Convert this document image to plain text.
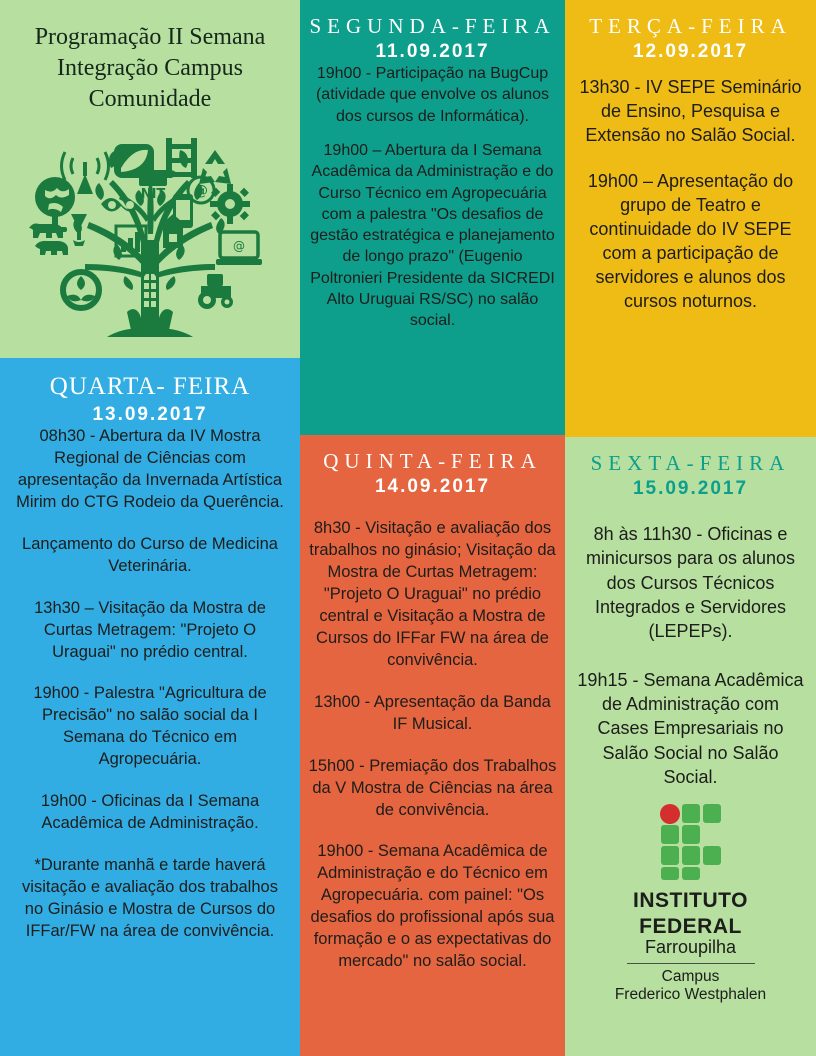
Programação II Semana
Integração Campus
Comunidade
NIT @
@
SEGUNDA-FEIRA
11.09.2017

19h00 - Participação na BugCup (atividade que envolve os alunos dos cursos de Informática).

19h00 – Abertura da I Semana Acadêmica da Administração e do Curso Técnico em Agropecuária com a palestra "Os desafios de gestão estratégica e planejamento de longo prazo" (Eugenio Poltronieri Presidente da SICREDI Alto Uruguai RS/SC) no salão social.

TERÇA-FEIRA
12.09.2017

13h30 - IV SEPE Seminário de Ensino, Pesquisa e Extensão no Salão Social.

19h00 – Apresentação do grupo de Teatro e continuidade do IV SEPE com a participação de servidores e alunos dos cursos noturnos.

QUARTA- FEIRA
13.09.2017

08h30 - Abertura da IV Mostra Regional de Ciências com apresentação da Invernada Artística Mirim do CTG Rodeio da Querência.

Lançamento do Curso de Medicina Veterinária.

13h30 – Visitação da Mostra de Curtas Metragem: "Projeto O Uraguai" no prédio central.

19h00 - Palestra "Agricultura de Precisão" no salão social da I Semana do Técnico em Agropecuária.

19h00 - Oficinas da I Semana Acadêmica de Administração.

*Durante manhã e tarde haverá visitação e avaliação dos trabalhos no Ginásio e Mostra de Cursos do IFFar/FW na área de convivência.

QUINTA-FEIRA
14.09.2017

8h30 - Visitação e avaliação dos trabalhos no ginásio; Visitação da Mostra de Curtas Metragem: "Projeto O Uraguai" no prédio central e Visitação a Mostra de Cursos do IFFar FW na área de convivência.

13h00 - Apresentação da Banda IF Musical.

15h00 - Premiação dos Trabalhos da V Mostra de Ciências na área de convivência.

19h00 - Semana Acadêmica de Administração e do Técnico em Agropecuária. com painel: "Os desafios do profissional após sua formação e o as expectativas do mercado" no salão social.

SEXTA-FEIRA
15.09.2017

8h às 11h30 - Oficinas e minicursos para os alunos dos Cursos Técnicos Integrados e Servidores (LEPEPs).

19h15 - Semana Acadêmica de Administração com Cases Empresariais no Salão Social no Salão Social.

INSTITUTO
FEDERAL
Farroupilha
Campus
Frederico Westphalen
